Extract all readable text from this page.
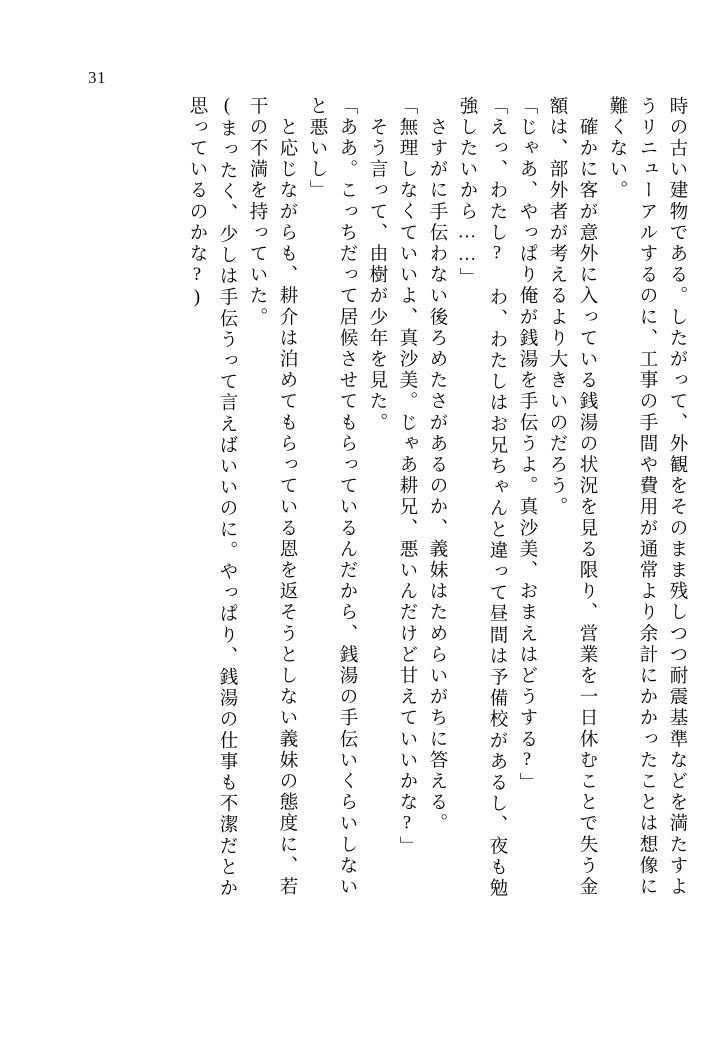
31
時の古い建物である。したがって、外観をそのまま残しつつ耐震基準などを満たすよ
うリニューアルするのに、工事の手間や費用が通常より余計にかかったことは想像に
難くない。
　確かに客が意外に入っている銭湯の状況を見る限り、営業を一日休むことで失う金
額は、部外者が考えるより大きいのだろう。
「じゃあ、やっぱり俺が銭湯を手伝うよ。真沙美、おまえはどうする?」
「えっ、わたし?　わ、わたしはお兄ちゃんと違って昼間は予備校があるし、夜も勉
強したいから……」
　さすがに手伝わない後ろめたさがあるのか、義妹はためらいがちに答える。
「無理しなくていいよ、真沙美。じゃあ耕兄、悪いんだけど甘えていいかな?」
　そう言って、由樹が少年を見た。
「ああ。こっちだって居候させてもらっているんだから、銭湯の手伝いくらいしない
と悪いし」
　と応じながらも、耕介は泊めてもらっている恩を返そうとしない義妹の態度に、若
干の不満を持っていた。
(まったく、少しは手伝うって言えばいいのに。やっぱり、銭湯の仕事も不潔だとか
思っているのかな?)
